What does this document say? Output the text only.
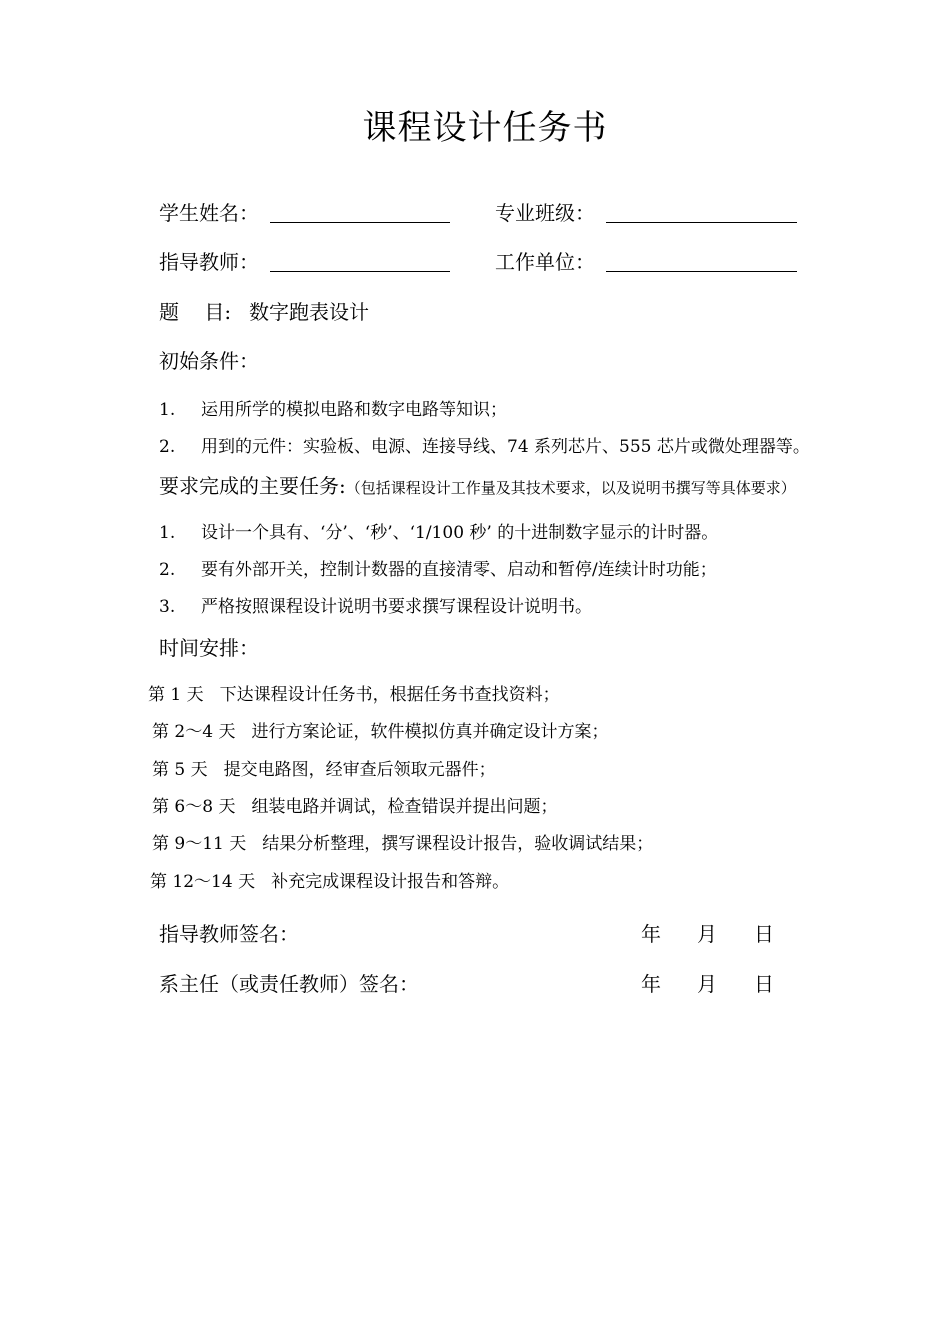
课程设计任务书
学生姓名：	专业班级：
指导教师：	工作单位：
题    目: 数字跑表设计
初始条件：
1. 运用所学的模拟电路和数字电路等知识；
2. 用到的元件：实验板、电源、连接导线、74 系列芯片、555 芯片或微处理器等。
要求完成的主要任务:（包括课程设计工作量及其技术要求，以及说明书撰写等具体要求）
1. 设计一个具有、‘分’、‘秒’、‘1/100 秒’ 的十进制数字显示的计时器。
2. 要有外部开关，控制计数器的直接清零、启动和暂停/连续计时功能；
3. 严格按照课程设计说明书要求撰写课程设计说明书。
时间安排：
第 1 天 下达课程设计任务书，根据任务书查找资料；
第 2～4 天 进行方案论证，软件模拟仿真并确定设计方案；
第 5 天 提交电路图，经审查后领取元器件；
第 6～8 天 组装电路并调试，检查错误并提出问题；
第 9～11 天 结果分析整理，撰写课程设计报告，验收调试结果；
第 12～14 天 补充完成课程设计报告和答辩。
指导教师签名：	年 月 日
系主任（或责任教师）签名：	年 月 日
